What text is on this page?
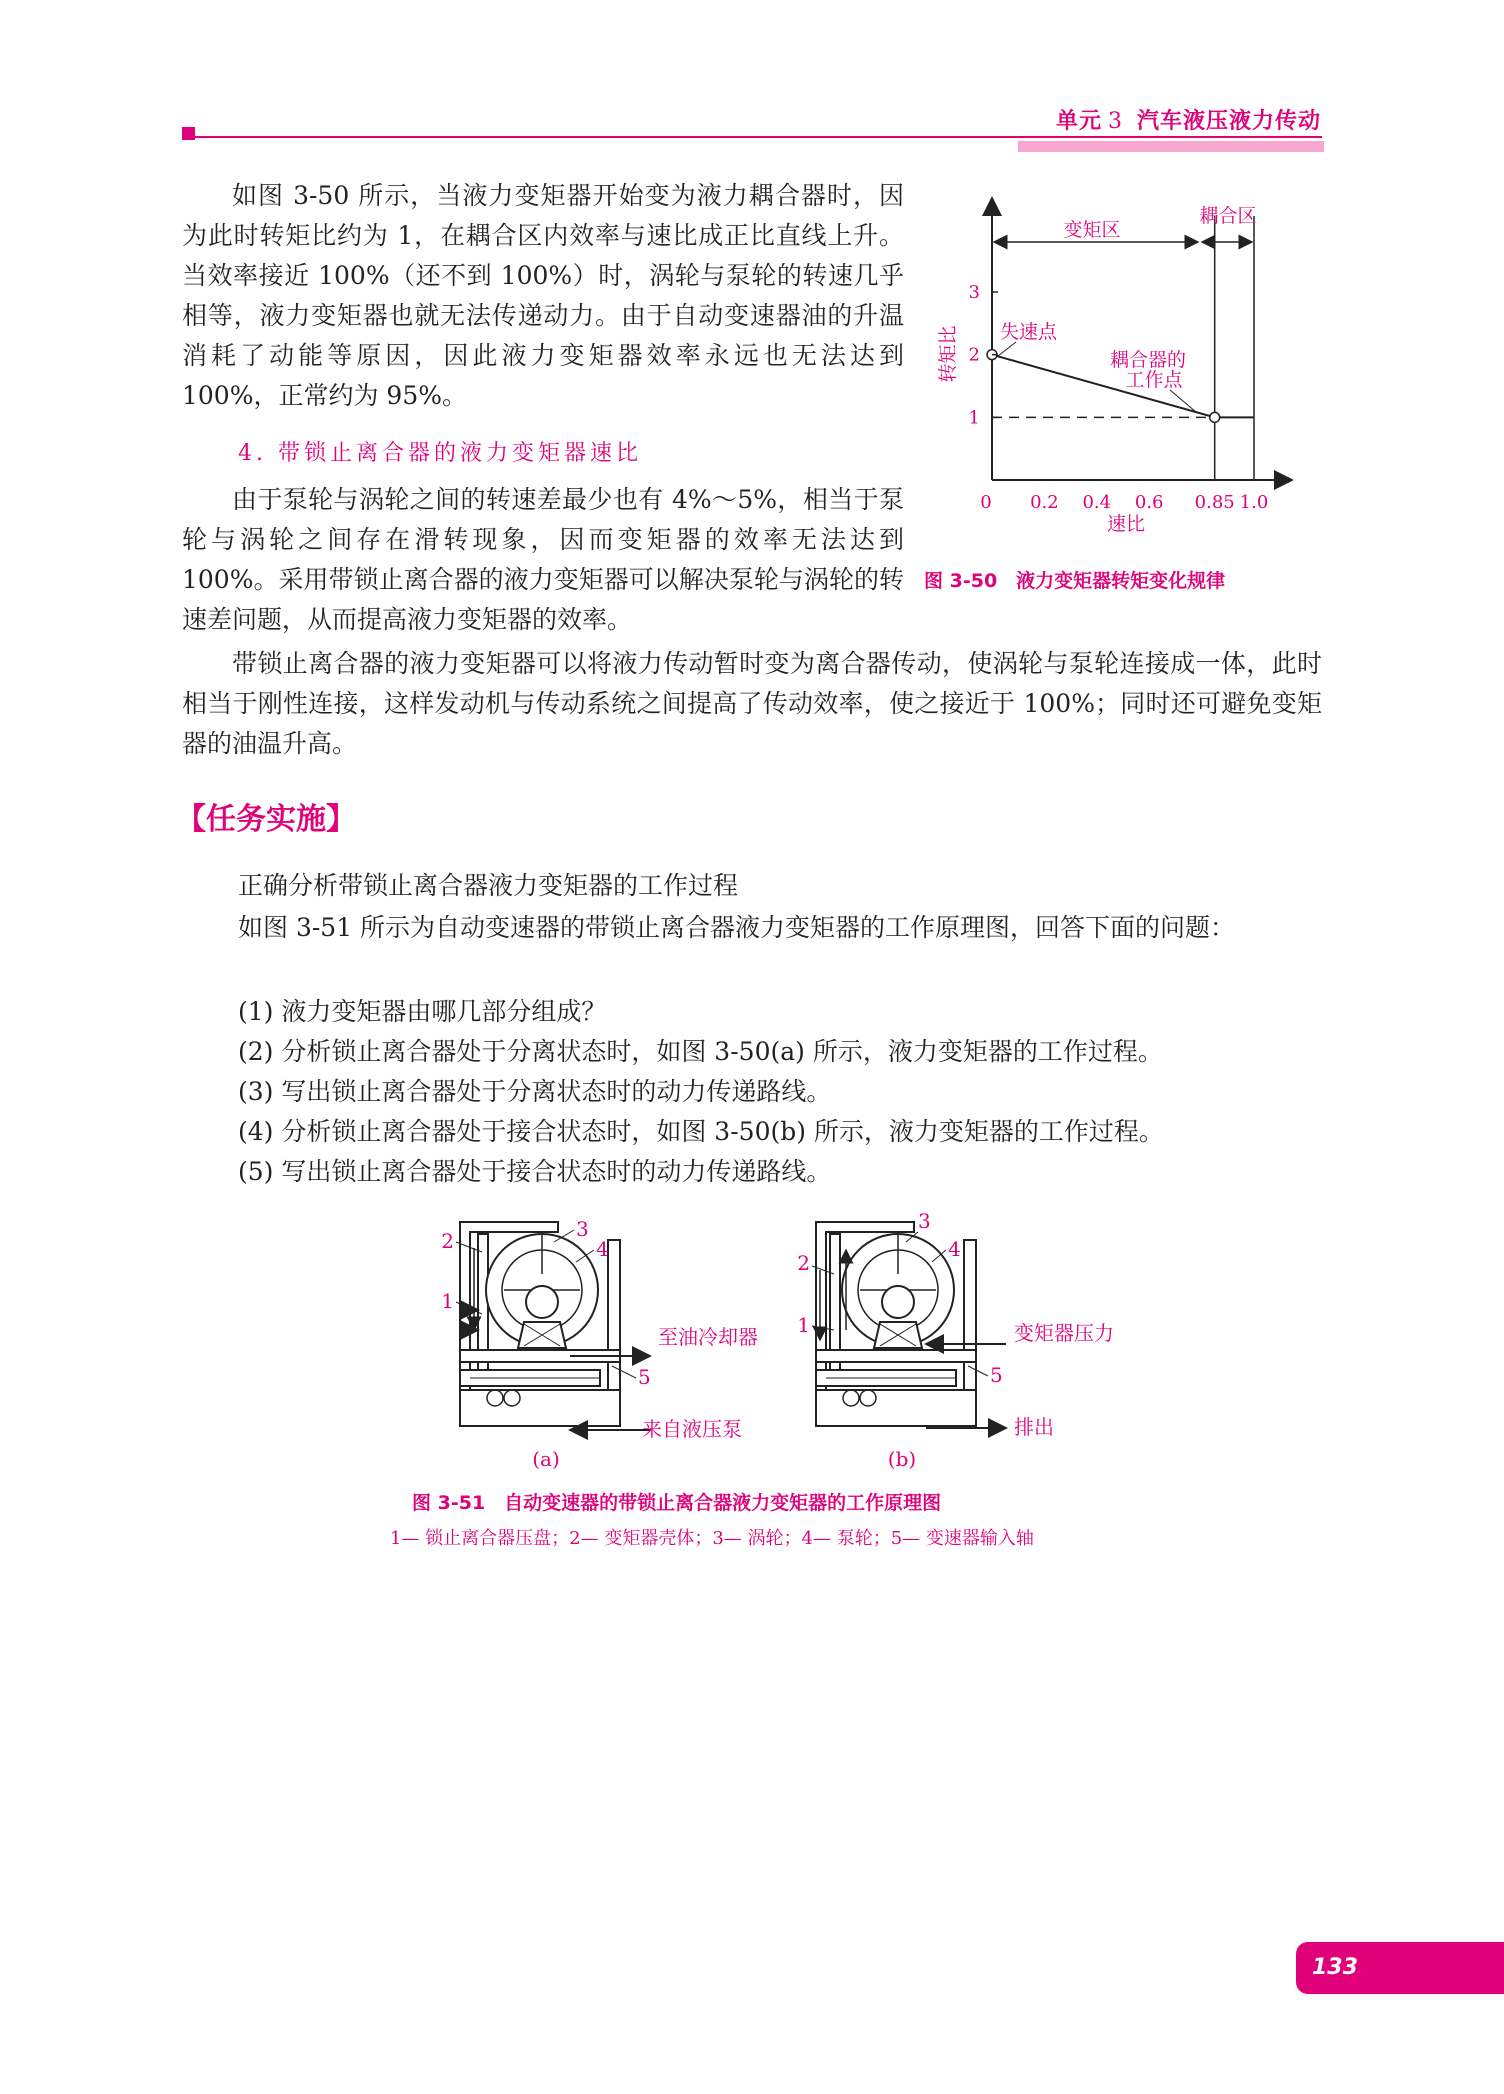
单元 3 汽车液压液力传动
如图 3-50 所示，当液力变矩器开始变为液力耦合器时，因为此时转矩比约为 1，在耦合区内效率与速比成正比直线上升。当效率接近 100%（还不到 100%）时，涡轮与泵轮的转速几乎相等，液力变矩器也就无法传递动力。由于自动变速器油的升温消耗了动能等原因，因此液力变矩器效率永远也无法达到 100%，正常约为 95%。
4. 带锁止离合器的液力变矩器速比
由于泵轮与涡轮之间的转速差最少也有 4%～5%，相当于泵轮与涡轮之间存在滑转现象，因而变矩器的效率无法达到 100%。采用带锁止离合器的液力变矩器可以解决泵轮与涡轮的转速差问题，从而提高液力变矩器的效率。
带锁止离合器的液力变矩器可以将液力传动暂时变为离合器传动，使涡轮与泵轮连接成一体，此时相当于刚性连接，这样发动机与传动系统之间提高了传动效率，使之接近于 100%；同时还可避免变矩器的油温升高。
【任务实施】
正确分析带锁止离合器液力变矩器的工作过程
如图 3-51 所示为自动变速器的带锁止离合器液力变矩器的工作原理图，回答下面的问题：
(1) 液力变矩器由哪几部分组成？
(2) 分析锁止离合器处于分离状态时，如图 3-50(a) 所示，液力变矩器的工作过程。
(3) 写出锁止离合器处于分离状态时的动力传递路线。
(4) 分析锁止离合器处于接合状态时，如图 3-50(b) 所示，液力变矩器的工作过程。
(5) 写出锁止离合器处于接合状态时的动力传递路线。
变矩区
耦合区
失速点
耦合器的
工作点
转矩比
1
2
3
0 0.2 0.4 0.6 0.85 1.0
速比
图 3-50　液力变矩器转矩变化规律
2
1
3
4
5
至油冷却器
来自液压泵
(a)
2
1
3
4
5
变矩器压力
排出
(b)
图 3-51　自动变速器的带锁止离合器液力变矩器的工作原理图
1— 锁止离合器压盘；2— 变矩器壳体；3— 涡轮；4— 泵轮；5— 变速器输入轴
133
